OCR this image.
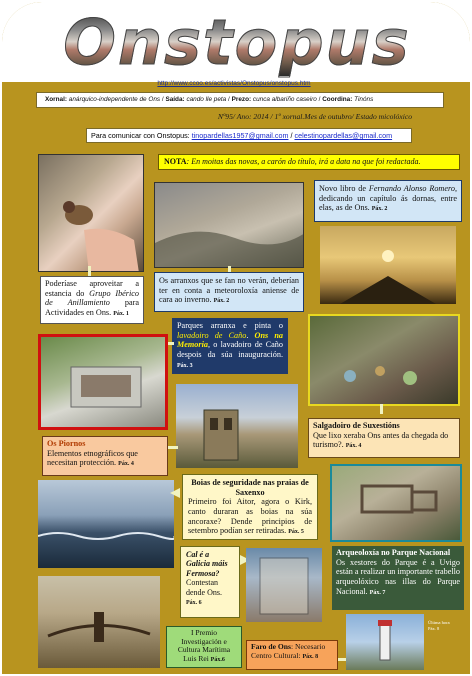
Onstopus
http://www.ccoo.es/activistas/Onstopus/onstopus.htm
Xornal: anárquico-independente de Ons / Saída: cando lle peta / Prezo: cunca albariño caseiro / Coordina: Tinóns
Nº95/ Ano: 2014 / 1º xornal.Mes de outubro/ Estado micolóxico
Para comunicar con Onstopus: tinopardellas1957@gmail.com / celestinopardellas@gmail.com
NOTA: En moitas das novas, a carón do título, irá a data na que foi redactada.
Poderíase aproveitar a estancia do Grupo Ibérico de Anillamiento para Actividades en Ons. Páx. 1
Os arranxos que se fan no verán, deberían ter en conta a meteoroloxía aniense de cara ao inverno. Páx. 2
Novo libro de Fernando Alonso Romero, dedicando un capítulo ás dornas, entre elas, as de Ons. Páx. 2
Parques arranxa e pinta o lavadoiro de Caño. Ons na Memoria, o lavadoiro de Caño despois da súa inauguración. Páx. 3
Salgadoiro de Suxestións
Que lixo xeraba Ons antes da chegada do turismo?. Páx. 4
Os Piornos
Elementos etnográficos que necesitan protección. Páx. 4
Boias de seguridade nas praias de Saxenxo
Primeiro foi Aitor, agora o Kirk, canto duraran as boias na súa ancoraxe? Dende principios de setembro podían ser retiradas. Páx. 5
Arqueoloxía no Parque Nacional
Os xestores do Parque é a Uvigo están a realizar un importante trabello arqueolóxico nas illas do Parque Nacional. Páx. 7
Cal é a Galicia máis Fermosa?
Contestan dende Ons.
Páx. 6
I Premio
Investigación e
Cultura Marítima
Luis Rei Páx.6
Faro de Ons: Necesario Centro Cultural: Páx. 8
Última hora
Páx. 8
